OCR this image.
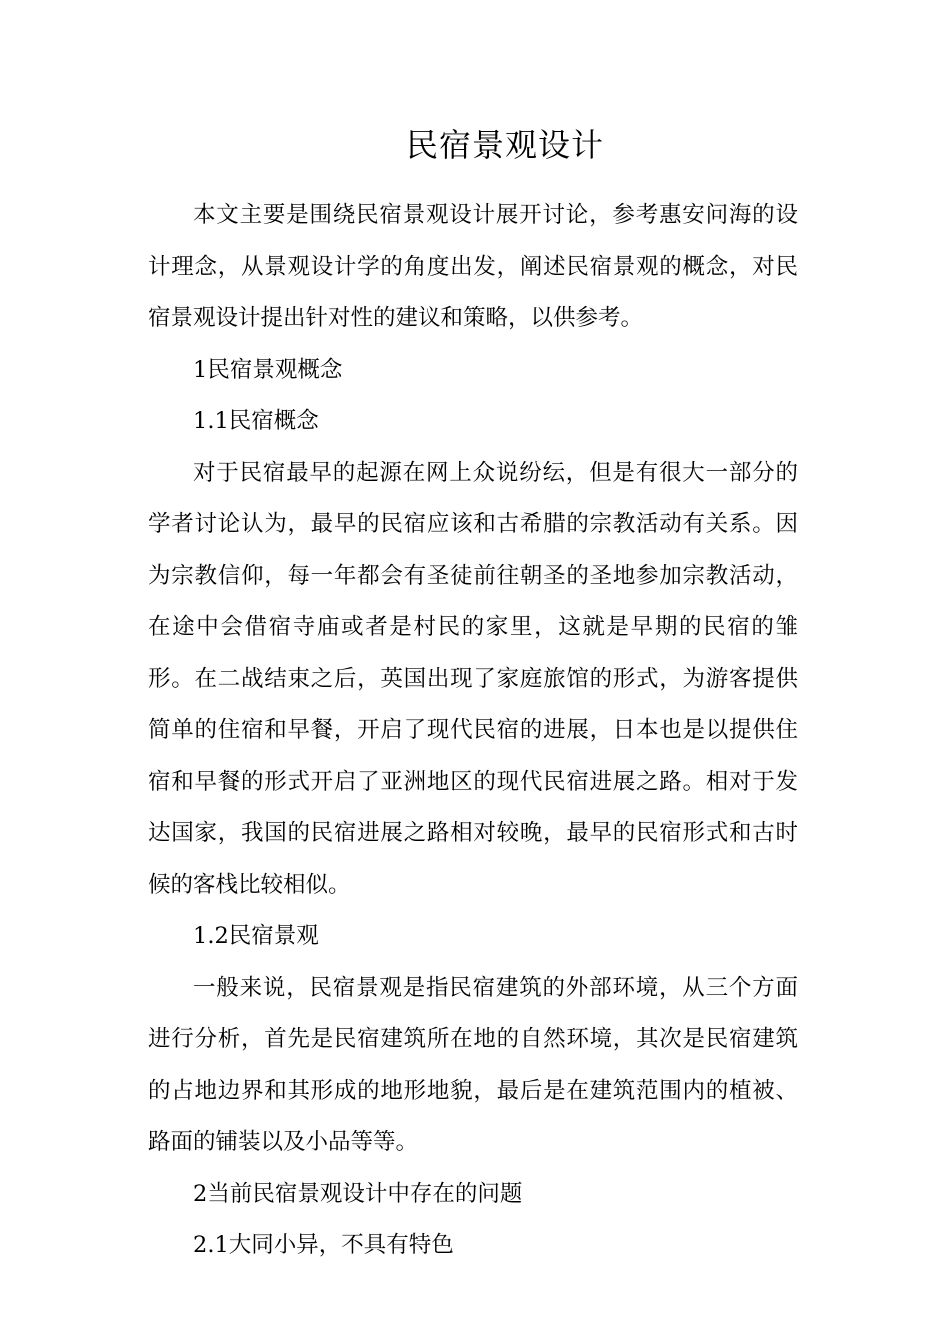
民宿景观设计

本文主要是围绕民宿景观设计展开讨论，参考惠安问海的设计理念，从景观设计学的角度出发，阐述民宿景观的概念，对民宿景观设计提出针对性的建议和策略，以供参考。

1民宿景观概念

1.1民宿概念

对于民宿最早的起源在网上众说纷纭，但是有很大一部分的学者讨论认为，最早的民宿应该和古希腊的宗教活动有关系。因为宗教信仰，每一年都会有圣徒前往朝圣的圣地参加宗教活动，在途中会借宿寺庙或者是村民的家里，这就是早期的民宿的雏形。在二战结束之后，英国出现了家庭旅馆的形式，为游客提供简单的住宿和早餐，开启了现代民宿的进展，日本也是以提供住宿和早餐的形式开启了亚洲地区的现代民宿进展之路。相对于发达国家，我国的民宿进展之路相对较晚，最早的民宿形式和古时候的客栈比较相似。

1.2民宿景观

一般来说，民宿景观是指民宿建筑的外部环境，从三个方面进行分析，首先是民宿建筑所在地的自然环境，其次是民宿建筑的占地边界和其形成的地形地貌，最后是在建筑范围内的植被、路面的铺装以及小品等等。

2当前民宿景观设计中存在的问题

2.1大同小异，不具有特色
